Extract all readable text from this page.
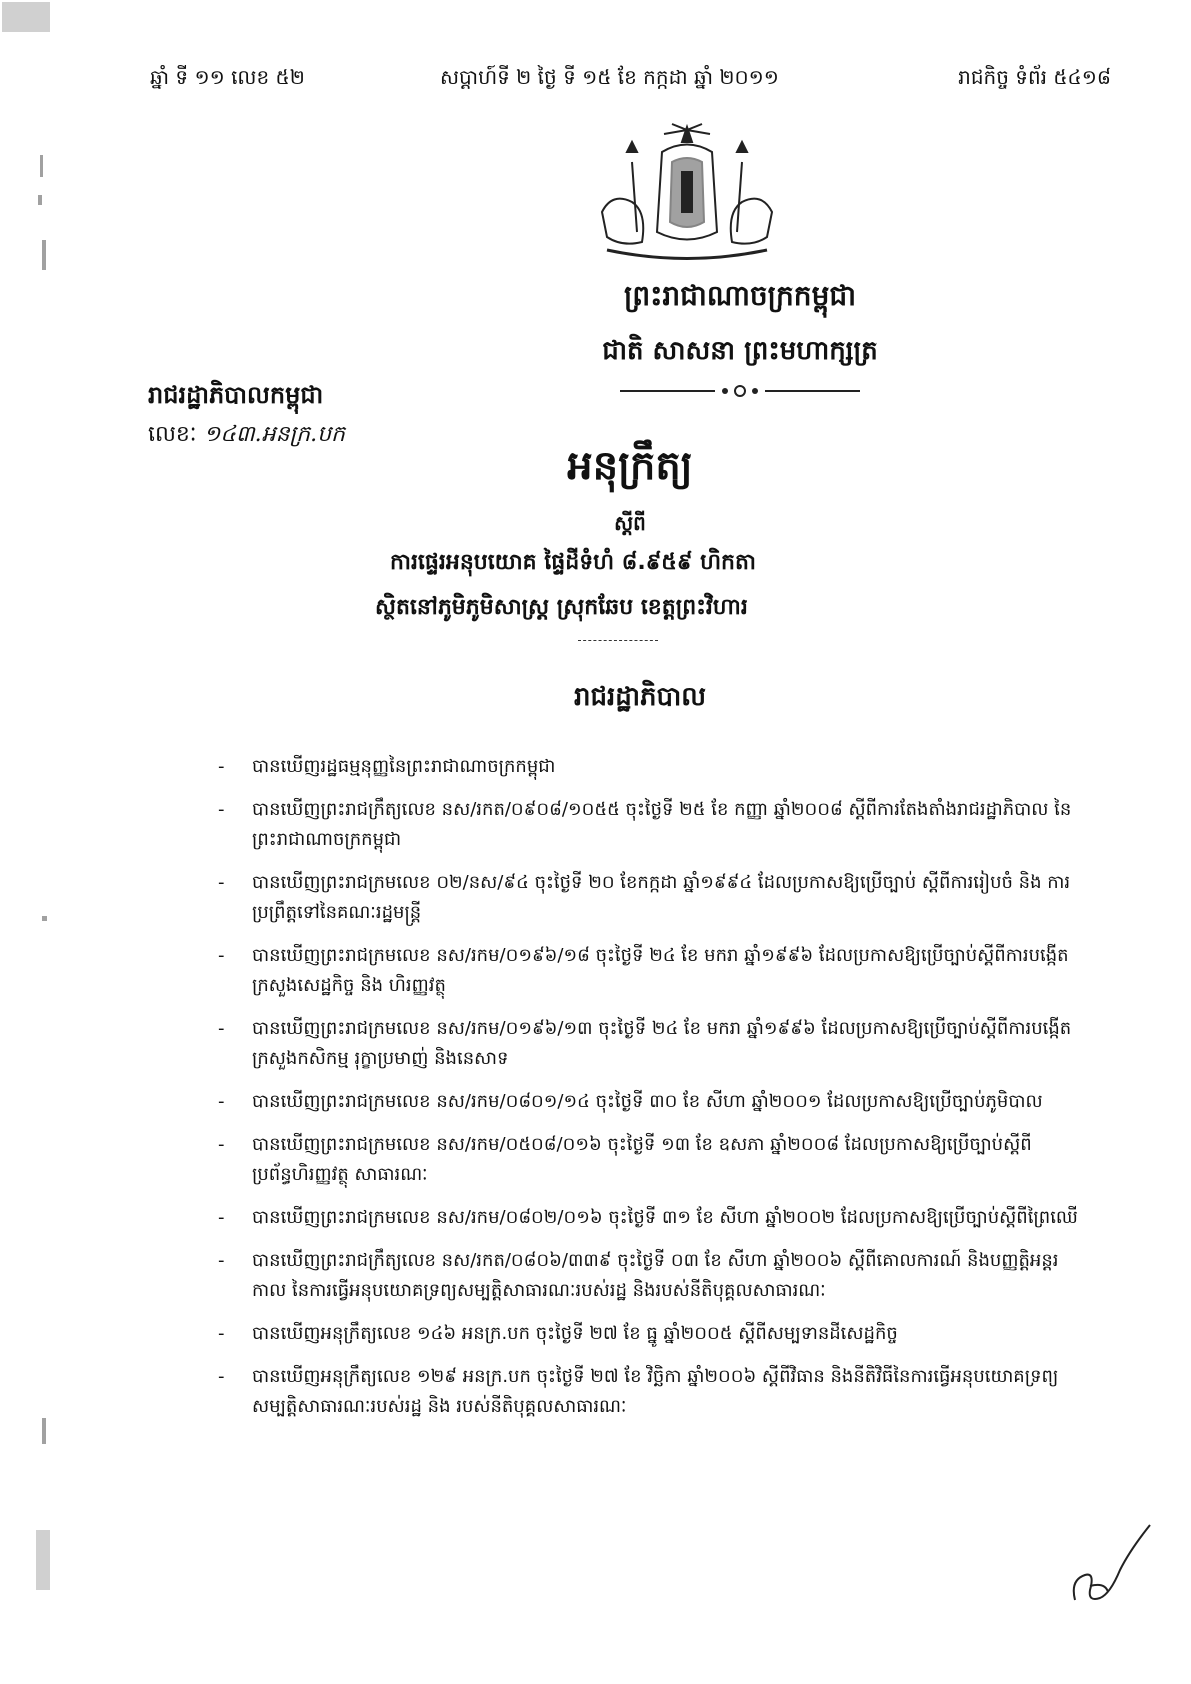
ឆ្នាំ ទី ១១ លេខ ៥២	សប្តាហ៍ទី ២ ថ្ងៃ ទី ១៥ ខែ កក្កដា ឆ្នាំ ២០១១	រាជកិច្ច ទំព័រ ៥៤១៨
ព្រះរាជាណាចក្រកម្ពុជា
ជាតិ សាសនា ព្រះមហាក្សត្រ
រាជរដ្ឋាភិបាលកម្ពុជា
លេខៈ ១៤៣.អនក្រ.បក
អនុក្រឹត្យ
ស្តីពី
ការផ្ទេរអនុបយោគ ផ្ទៃដីទំហំ ៨.៩៥៩ ហិកតា
ស្ថិតនៅភូមិភូមិសាស្ត្រ ស្រុកឆែប ខេត្តព្រះវិហារ
រាជរដ្ឋាភិបាល
- បានឃើញរដ្ឋធម្មនុញ្ញនៃព្រះរាជាណាចក្រកម្ពុជា
- បានឃើញព្រះរាជក្រឹត្យលេខ នស/រកត/០៩០៨/១០៥៥ ចុះថ្ងៃទី ២៥ ខែ កញ្ញា ឆ្នាំ២០០៨ ស្តីពីការតែងតាំងរាជរដ្ឋាភិបាល នៃព្រះរាជាណាចក្រកម្ពុជា
- បានឃើញព្រះរាជក្រមលេខ ០២/នស/៩៤ ចុះថ្ងៃទី ២០ ខែកក្កដា ឆ្នាំ១៩៩៤ ដែលប្រកាសឱ្យប្រើច្បាប់ ស្តីពីការរៀបចំ និង ការប្រព្រឹត្តទៅនៃគណៈរដ្ឋមន្ត្រី
- បានឃើញព្រះរាជក្រមលេខ នស/រកម/០១៩៦/១៨ ចុះថ្ងៃទី ២៤ ខែ មករា ឆ្នាំ១៩៩៦ ដែលប្រកាសឱ្យប្រើច្បាប់ស្តីពីការបង្កើតក្រសួងសេដ្ឋកិច្ច និង ហិរញ្ញវត្ថុ
- បានឃើញព្រះរាជក្រមលេខ នស/រកម/០១៩៦/១៣ ចុះថ្ងៃទី ២៤ ខែ មករា ឆ្នាំ១៩៩៦ ដែលប្រកាសឱ្យប្រើច្បាប់ស្តីពីការបង្កើតក្រសួងកសិកម្ម រុក្ខាប្រមាញ់ និងនេសាទ
- បានឃើញព្រះរាជក្រមលេខ នស/រកម/០៨០១/១៤ ចុះថ្ងៃទី ៣០ ខែ សីហា ឆ្នាំ២០០១ ដែលប្រកាសឱ្យប្រើច្បាប់ភូមិបាល
- បានឃើញព្រះរាជក្រមលេខ នស/រកម/០៥០៨/០១៦ ចុះថ្ងៃទី ១៣ ខែ ឧសភា ឆ្នាំ២០០៨ ដែលប្រកាសឱ្យប្រើច្បាប់ស្តីពីប្រព័ន្ធហិរញ្ញវត្ថុ សាធារណៈ
- បានឃើញព្រះរាជក្រមលេខ នស/រកម/០៨០២/០១៦ ចុះថ្ងៃទី ៣១ ខែ សីហា ឆ្នាំ២០០២ ដែលប្រកាសឱ្យប្រើច្បាប់ស្តីពីព្រៃឈើ
- បានឃើញព្រះរាជក្រឹត្យលេខ នស/រកត/០៨០៦/៣៣៩ ចុះថ្ងៃទី ០៣ ខែ សីហា ឆ្នាំ២០០៦ ស្តីពីគោលការណ៍ និងបញ្ញត្តិអន្តរកាល នៃការធ្វើអនុបយោគទ្រព្យសម្បត្តិសាធារណៈរបស់រដ្ឋ និងរបស់នីតិបុគ្គលសាធារណៈ
- បានឃើញអនុក្រឹត្យលេខ ១៤៦ អនក្រ.បក ចុះថ្ងៃទី ២៧ ខែ ធ្នូ ឆ្នាំ២០០៥ ស្តីពីសម្បទានដីសេដ្ឋកិច្ច
- បានឃើញអនុក្រឹត្យលេខ ១២៩ អនក្រ.បក ចុះថ្ងៃទី ២៧ ខែ វិច្ឆិកា ឆ្នាំ២០០៦ ស្តីពីវិធាន និងនីតិវិធីនៃការធ្វើអនុបយោគទ្រព្យសម្បត្តិសាធារណៈរបស់រដ្ឋ និង របស់នីតិបុគ្គលសាធារណៈ
